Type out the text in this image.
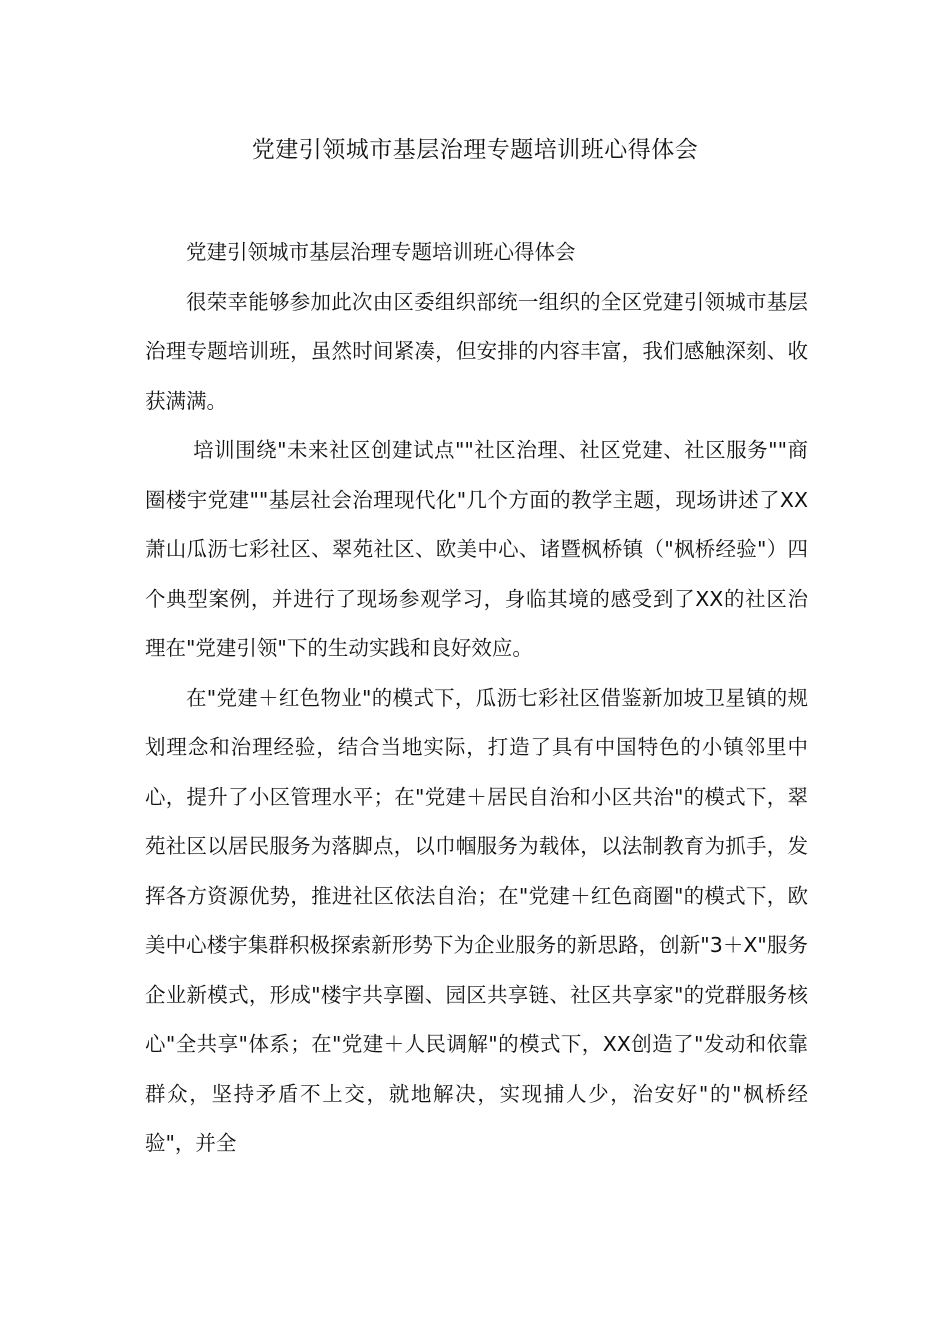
党建引领城市基层治理专题培训班心得体会

党建引领城市基层治理专题培训班心得体会

很荣幸能够参加此次由区委组织部统一组织的全区党建引领城市基层治理专题培训班，虽然时间紧凑，但安排的内容丰富，我们感触深刻、收获满满。

培训围绕"未来社区创建试点""社区治理、社区党建、社区服务""商圈楼宇党建""基层社会治理现代化"几个方面的教学主题，现场讲述了XX萧山瓜沥七彩社区、翠苑社区、欧美中心、诸暨枫桥镇（"枫桥经验"）四个典型案例，并进行了现场参观学习，身临其境的感受到了XX的社区治理在"党建引领"下的生动实践和良好效应。

在"党建＋红色物业"的模式下，瓜沥七彩社区借鉴新加坡卫星镇的规划理念和治理经验，结合当地实际，打造了具有中国特色的小镇邻里中心，提升了小区管理水平；在"党建＋居民自治和小区共治"的模式下，翠苑社区以居民服务为落脚点，以巾帼服务为载体，以法制教育为抓手，发挥各方资源优势，推进社区依法自治；在"党建＋红色商圈"的模式下，欧美中心楼宇集群积极探索新形势下为企业服务的新思路，创新"3＋X"服务企业新模式，形成"楼宇共享圈、园区共享链、社区共享家"的党群服务核心"全共享"体系；在"党建＋人民调解"的模式下，XX创造了"发动和依靠群众，坚持矛盾不上交，就地解决，实现捕人少，治安好"的"枫桥经验"，并全
